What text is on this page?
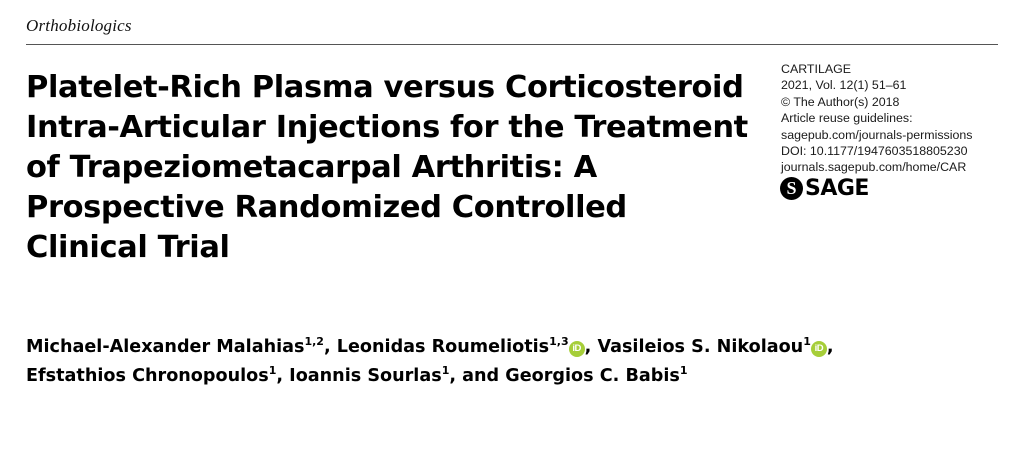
Orthobiologics
Platelet-Rich Plasma versus Corticosteroid Intra-Articular Injections for the Treatment of Trapeziometacarpal Arthritis: A Prospective Randomized Controlled Clinical Trial
CARTILAGE
2021, Vol. 12(1) 51–61
© The Author(s) 2018
Article reuse guidelines:
sagepub.com/journals-permissions
DOI: 10.1177/1947603518805230
journals.sagepub.com/home/CAR
S SAGE
Michael-Alexander Malahias$^{1,2}$, Leonidas Roumeliotis$^{1,3}$iD , Vasileios S. Nikolaou$^1$iD ,
Efstathios Chronopoulos$^1$, Ioannis Sourlas$^1$, and Georgios C. Babis$^1$
